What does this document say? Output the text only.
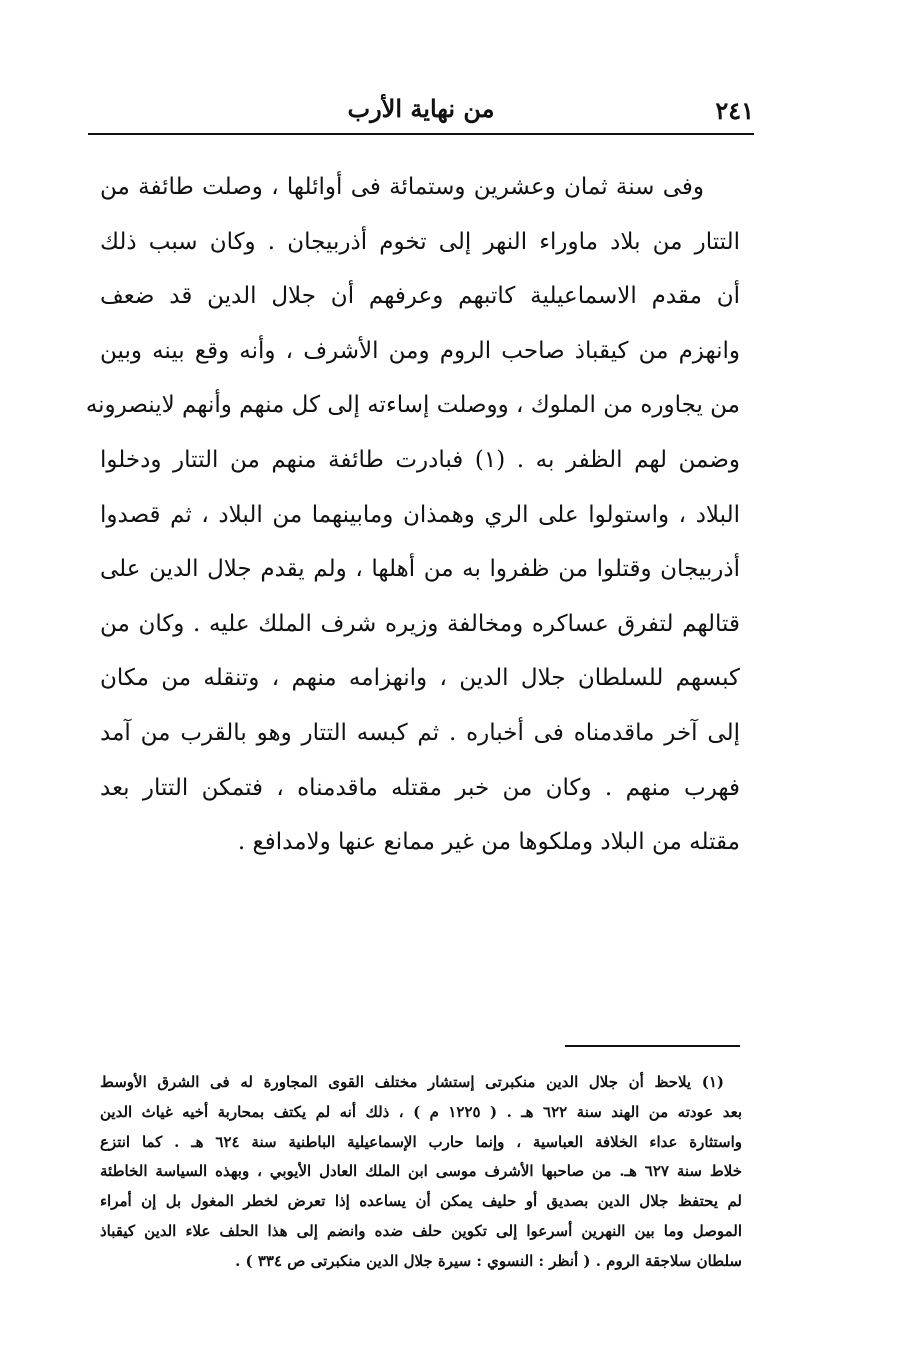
من نهاية الأرب	٢٤١
وفى سنة ثمان وعشرين وستمائة فى أوائلها ، وصلت طائفة من
التتار من بلاد ماوراء النهر إلى تخوم أذربيجان . وكان سبب ذلك
أن مقدم الاسماعيلية كاتبهم وعرفهم أن جلال الدين قد ضعف
وانهزم من كيقباذ صاحب الروم ومن الأشرف ، وأنه وقع بينه وبين
من يجاوره من الملوك ، ووصلت إساءته إلى كل منهم وأنهم لاينصرونه
وضمن لهم الظفر به . (١) فبادرت طائفة منهم من التتار ودخلوا
البلاد ، واستولوا على الري وهمذان ومابينهما من البلاد ، ثم قصدوا
أذربيجان وقتلوا من ظفروا به من أهلها ، ولم يقدم جلال الدين على
قتالهم لتفرق عساكره ومخالفة وزيره شرف الملك عليه . وكان من
كبسهم للسلطان جلال الدين ، وانهزامه منهم ، وتنقله من مكان
إلى آخر ماقدمناه فى أخباره . ثم كبسه التتار وهو بالقرب من آمد
فهرب منهم . وكان من خبر مقتله ماقدمناه ، فتمكن التتار بعد
مقتله من البلاد وملكوها من غير ممانع عنها ولامدافع .
(١) يلاحظ أن جلال الدين منكبرتى إستشار مختلف القوى المجاورة له فى الشرق الأوسط
بعد عودته من الهند سنة ٦٢٢ هـ . ( ١٢٢٥ م ) ، ذلك أنه لم يكتف بمحاربة أخيه غياث الدين
واستثارة عداء الخلافة العباسية ، وإنما حارب الإسماعيلية الباطنية سنة ٦٢٤ هـ . كما انتزع
خلاط سنة ٦٢٧ هـ. من صاحبها الأشرف موسى ابن الملك العادل الأيوبي ، وبهذه السياسة الخاطئة
لم يحتفظ جلال الدين بصديق أو حليف يمكن أن يساعده إذا تعرض لخطر المغول بل إن أمراء
الموصل وما بين النهرين أسرعوا إلى تكوين حلف ضده وانضم إلى هذا الحلف علاء الدين كيقباذ
سلطان سلاجقة الروم . ( أنظر : النسوي : سيرة جلال الدين منكبرتى ص ٣٣٤ ) .
